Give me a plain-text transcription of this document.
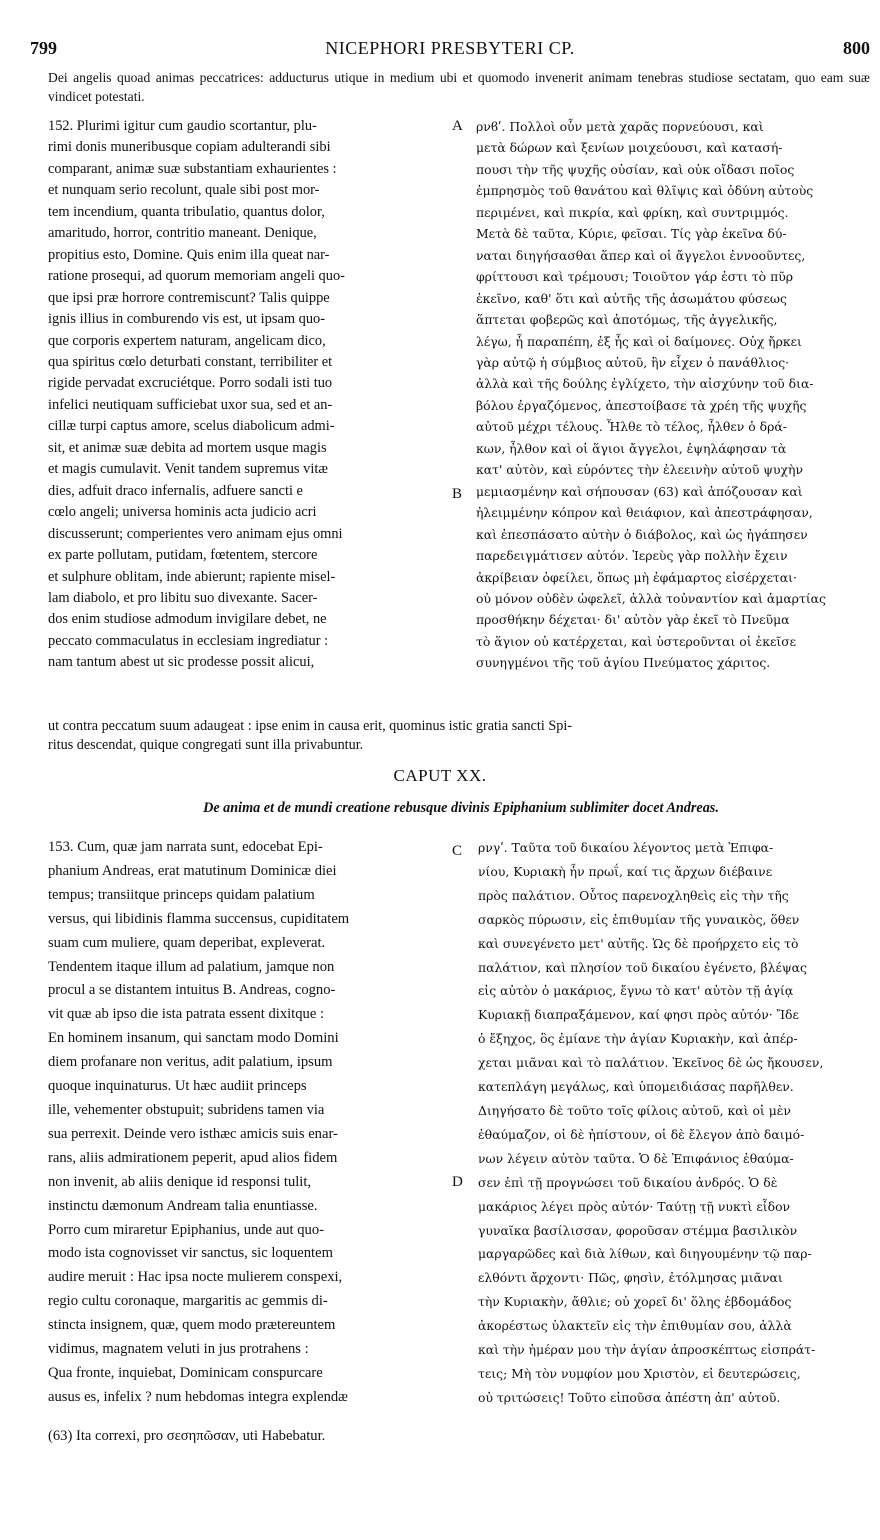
799	NICEPHORI PRESBYTERI CP.	800
Dei angelis quoad animas peccatrices: adducturus utique in medium ubi et quomodo invenerit animam tenebras studiose sectatam, quo eam suæ vindicet potestati.
152. Plurimi igitur cum gaudio scortantur, plu-
rimi donis muneribusque copiam adulterandi sibi
comparant, animæ suæ substantiam exhaurientes :
et nunquam serio recolunt, quale sibi post mor-
tem incendium, quanta tribulatio, quantus dolor,
amaritudo, horror, contritio maneant. Denique,
propitius esto, Domine. Quis enim illa queat nar-
ratione prosequi, ad quorum memoriam angeli quo-
que ipsi præ horrore contremiscunt? Talis quippe
ignis illius in comburendo vis est, ut ipsam quo-
que corporis expertem naturam, angelicam dico,
qua spiritus cœlo deturbati constant, terribiliter et
rigide pervadat excruciétque. Porro sodali isti tuo
infelici neutiquam sufficiebat uxor sua, sed et an-
cillæ turpi captus amore, scelus diabolicum admi-
sit, et animæ suæ debita ad mortem usque magis
et magis cumulavit. Venit tandem supremus vitæ
dies, adfuit draco infernalis, adfuere sancti e
cœlo angeli; universa hominis acta judicio acri
discusserunt; comperientes vero animam ejus omni
ex parte pollutam, putidam, fœtentem, stercore
et sulphure oblitam, inde abierunt; rapiente misel-
lam diabolo, et pro libitu suo divexante. Sacer-
dos enim studiose admodum invigilare debet, ne
peccato commaculatus in ecclesiam ingrediatur :
nam tantum abest ut sic prodesse possit alicui,
ρνϐʹ. Πολλοὶ οὖν μετὰ χαρᾶς πορνεύουσι, καὶ
μετὰ δώρων καὶ ξενίων μοιχεύουσι, καὶ κατασή-
πουσι τὴν τῆς ψυχῆς οὐσίαν, καὶ οὐκ οἴδασι ποῖος
ἐμπρησμὸς τοῦ θανάτου καὶ θλῖψις καὶ ὀδύνη αὐτοὺς
περιμένει, καὶ πικρία, καὶ φρίκη, καὶ συντριμμός.
Μετὰ δὲ ταῦτα, Κύριε, φεῖσαι. Τίς γὰρ ἐκεῖνα δύ-
ναται διηγήσασθαι ἅπερ καὶ οἱ ἄγγελοι ἐννοοῦντες,
φρίττουσι καὶ τρέμουσι; Τοιοῦτον γάρ ἐστι τὸ πῦρ
ἐκεῖνο, καθ' ὅτι καὶ αὐτῆς τῆς ἀσωμάτου φύσεως
ἅπτεται φοβερῶς καὶ ἀποτόμως, τῆς ἀγγελικῆς,
λέγω, ἧ παραπέπη, ἐξ ἧς καὶ οἱ δαίμονες. Οὐχ ἤρκει
γὰρ αὐτῷ ἡ σύμβιος αὐτοῦ, ἣν εἶχεν ὁ πανάθλιος·
ἀλλὰ καὶ τῆς δούλης ἐγλίχετο, τὴν αἰσχύνην τοῦ δια-
βόλου ἐργαζόμενος, ἀπεστοίβασε τὰ χρέη τῆς ψυχῆς
αὐτοῦ μέχρι τέλους. Ἦλθε τὸ τέλος, ἦλθεν ὁ δρά-
κων, ἦλθον καὶ οἱ ἅγιοι ἄγγελοι, ἐψηλάφησαν τὰ
κατ' αὐτὸν, καὶ εὑρόντες τὴν ἐλεεινὴν αὐτοῦ ψυχὴν
μεμιασμένην καὶ σήπουσαν (63) καὶ ἀπόζουσαν καὶ
ἠλειμμένην κόπρον καὶ θειάφιον, καὶ ἀπεστράφησαν,
καὶ ἐπεσπάσατο αὐτὴν ὁ διάβολος, καὶ ὡς ἠγάπησεν
παρεδειγμάτισεν αὐτόν. Ἱερεὺς γὰρ πολλὴν ἔχειν
ἀκρίβειαν ὀφείλει, ὅπως μὴ ἐφάμαρτος εἰσέρχεται·
οὐ μόνον οὐδὲν ὠφελεῖ, ἀλλὰ τοὐναντίον καὶ ἁμαρτίας
προσθήκην δέχεται· δι' αὐτὸν γὰρ ἐκεῖ τὸ Πνεῦμα
τὸ ἅγιον οὐ κατέρχεται, καὶ ὑστεροῦνται οἱ ἐκεῖσε
συνηγμένοι τῆς τοῦ ἁγίου Πνεύματος χάριτος.
A
B
ut contra peccatum suum adaugeat : ipse enim in causa erit, quominus istic gratia sancti Spi-
ritus descendat, quique congregati sunt illa privabuntur.
CAPUT XX.
De anima et de mundi creatione rebusque divinis Epiphanium sublimiter docet Andreas.
153. Cum, quæ jam narrata sunt, edocebat Epi-
phanium Andreas, erat matutinum Dominicæ diei
tempus; transiitque princeps quidam palatium
versus, qui libidinis flamma succensus, cupiditatem
suam cum muliere, quam deperibat, expleverat.
Tendentem itaque illum ad palatium, jamque non
procul a se distantem intuitus B. Andreas, cogno-
vit quæ ab ipso die ista patrata essent dixitque :
En hominem insanum, qui sanctam modo Domini
diem profanare non veritus, adit palatium, ipsum
quoque inquinaturus. Ut hæc audiit princeps
ille, vehementer obstupuit; subridens tamen via
sua perrexit. Deinde vero isthæc amicis suis enar-
rans, aliis admirationem peperit, apud alios fidem
non invenit, ab aliis denique id responsi tulit,
instinctu dæmonum Andream talia enuntiasse.
Porro cum miraretur Epiphanius, unde aut quo-
modo ista cognovisset vir sanctus, sic loquentem
audire meruit : Hac ipsa nocte mulierem conspexi,
regio cultu coronaque, margaritis ac gemmis di-
stincta insignem, quæ, quem modo prætereuntem
vidimus, magnatem veluti in jus protrahens :
Qua fronte, inquiebat, Dominicam conspurcare
ausus es, infelix ? num hebdomas integra explendæ
ρνγʹ. Ταῦτα τοῦ δικαίου λέγοντος μετὰ Ἐπιφα-
νίου, Κυριακὴ ἦν πρωΐ, καί τις ἄρχων διέβαινε
πρὸς παλάτιον. Οὗτος παρενοχληθεὶς εἰς τὴν τῆς
σαρκὸς πύρωσιν, εἰς ἐπιθυμίαν τῆς γυναικὸς, ὅθεν
καὶ συνεγένετο μετ' αὐτῆς. Ὡς δὲ προήρχετο εἰς τὸ
παλάτιον, καὶ πλησίον τοῦ δικαίου ἐγένετο, βλέψας
εἰς αὐτὸν ὁ μακάριος, ἔγνω τὸ κατ' αὐτὸν τῇ ἁγίᾳ
Κυριακῇ διαπραξάμενον, καί φησι πρὸς αὐτόν· Ἴδε
ὁ ἔξηχος, ὃς ἐμίανε τὴν ἁγίαν Κυριακὴν, καὶ ἀπέρ-
χεται μιᾶναι καὶ τὸ παλάτιον. Ἐκεῖνος δὲ ὡς ἤκουσεν,
κατεπλάγη μεγάλως, καὶ ὑπομειδιάσας παρῆλθεν.
Διηγήσατο δὲ τοῦτο τοῖς φίλοις αὐτοῦ, καὶ οἱ μὲν
ἐθαύμαζον, οἱ δὲ ἠπίστουν, οἱ δὲ ἔλεγον ἀπὸ δαιμό-
νων λέγειν αὐτὸν ταῦτα. Ὁ δὲ Ἐπιφάνιος ἐθαύμα-
σεν ἐπὶ τῇ προγνώσει τοῦ δικαίου ἀνδρός. Ὁ δὲ
μακάριος λέγει πρὸς αὐτόν· Ταύτῃ τῇ νυκτὶ εἶδον
γυναῖκα βασίλισσαν, φοροῦσαν στέμμα βασιλικὸν
μαργαρῶδες καὶ διὰ λίθων, καὶ διηγουμένην τῷ παρ-
ελθόντι ἄρχοντι· Πῶς, φησὶν, ἐτόλμησας μιᾶναι
τὴν Κυριακὴν, ἄθλιε; οὐ χορεῖ δι' ὅλης ἑβδομάδος
ἀκορέστως ὑλακτεῖν εἰς τὴν ἐπιθυμίαν σου, ἀλλὰ
καὶ τὴν ἡμέραν μου τὴν ἁγίαν ἀπροσκέπτως εἰσπράτ-
τεις; Μὴ τὸν νυμφίον μου Χριστὸν, εἰ δευτερώσεις,
οὐ τριτώσεις! Τοῦτο εἰποῦσα ἀπέστη ἀπ' αὐτοῦ.
C
D
(63) Ita correxi, pro σεσηπῶσαν, uti Habebatur.
